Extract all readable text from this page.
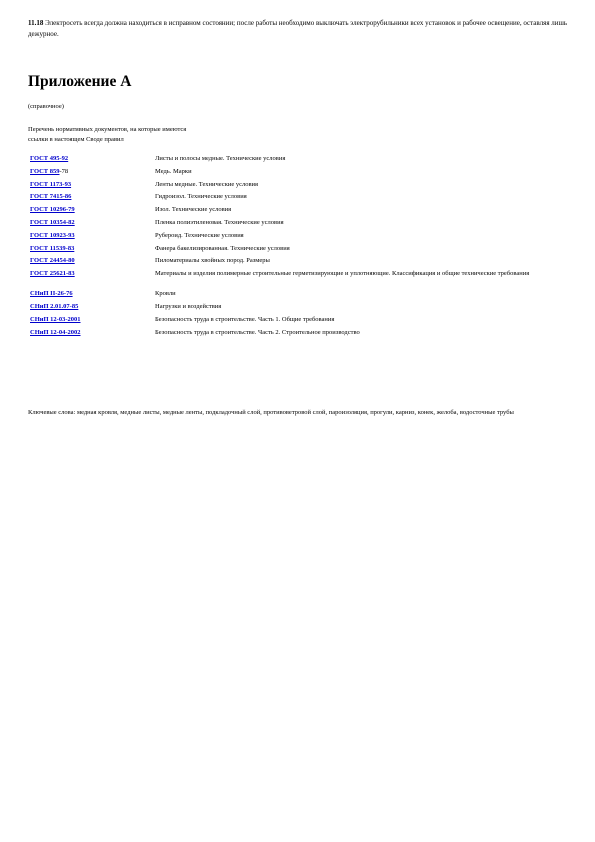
11.18 Электросеть всегда должна находиться в исправном состоянии; после работы необходимо выключать электрорубильники всех установок и рабочее освещение, оставляя лишь дежурное.

Приложение А
(справочное)
Перечень нормативных документов, на которые имеются
ссылки в настоящем Своде правил
ГОСТ 495-92	Листы и полосы медные. Технические условия
ГОСТ 859-78	Медь. Марки
ГОСТ 1173-93	Ленты медные. Технические условия
ГОСТ 7415-86	Гидроизол. Технические условия
ГОСТ 10296-79	Изол. Технические условия
ГОСТ 10354-82	Пленка полиэтиленовая. Технические условия
ГОСТ 10923-93	Рубероид. Технические условия
ГОСТ 11539-83	Фанера бакелизированная. Технические условия
ГОСТ 24454-80	Пиломатериалы хвойных пород. Размеры
ГОСТ 25621-83	Материалы и изделия полимерные строительные герметизирующие и уплотняющие. Классификация и общие технические требования
СНиП II-26-76	Кровли
СНиП 2.01.07-85	Нагрузки и воздействия
СНиП 12-03-2001	Безопасность труда в строительстве. Часть 1. Общие требования
СНиП 12-04-2002	Безопасность труда в строительстве. Часть 2. Строительное производство

Ключевые слова: медная кровля, медные листы, медные ленты, подкладочный слой, противоветровой слой, пароизоляция, прогули, карниз, конек, желоба, водосточные трубы
